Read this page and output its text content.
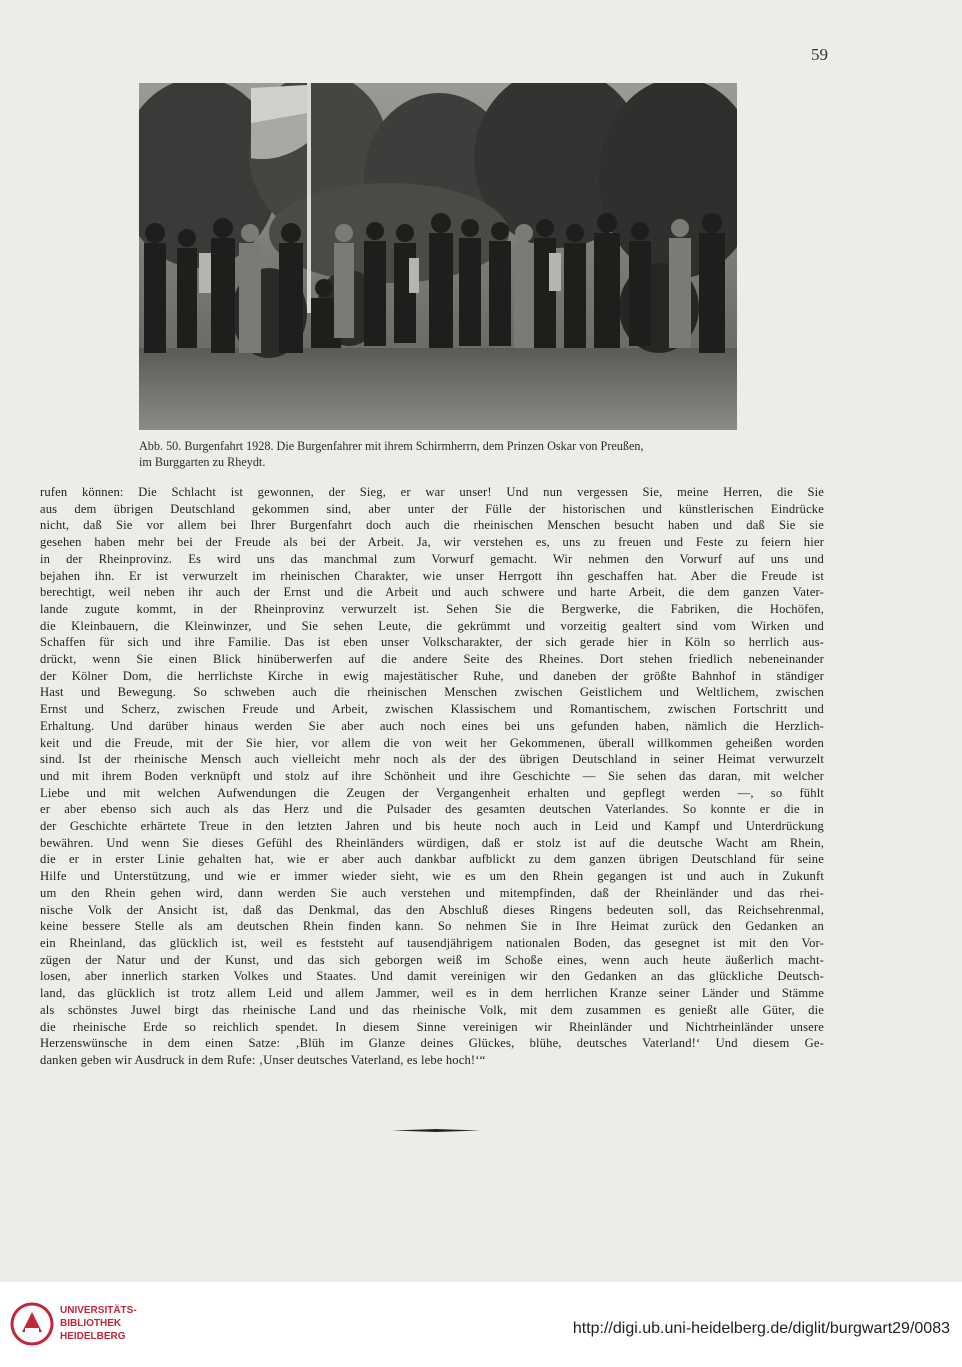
59
Abb. 50. Burgenfahrt 1928. Die Burgenfahrer mit ihrem Schirmherrn, dem Prinzen Oskar von Preußen,
im Burggarten zu Rheydt.
rufen können: Die Schlacht ist gewonnen, der Sieg, er war unser! Und nun vergessen Sie, meine Herren, die Sie
aus dem übrigen Deutschland gekommen sind, aber unter der Fülle der historischen und künstlerischen Eindrücke
nicht, daß Sie vor allem bei Ihrer Burgenfahrt doch auch die rheinischen Menschen besucht haben und daß Sie sie
gesehen haben mehr bei der Freude als bei der Arbeit. Ja, wir verstehen es, uns zu freuen und Feste zu feiern hier
in der Rheinprovinz. Es wird uns das manchmal zum Vorwurf gemacht. Wir nehmen den Vorwurf auf uns und
bejahen ihn. Er ist verwurzelt im rheinischen Charakter, wie unser Herrgott ihn geschaffen hat. Aber die Freude ist
berechtigt, weil neben ihr auch der Ernst und die Arbeit und auch schwere und harte Arbeit, die dem ganzen Vater-
lande zugute kommt, in der Rheinprovinz verwurzelt ist. Sehen Sie die Bergwerke, die Fabriken, die Hochöfen,
die Kleinbauern, die Kleinwinzer, und Sie sehen Leute, die gekrümmt und vorzeitig gealtert sind vom Wirken und
Schaffen für sich und ihre Familie. Das ist eben unser Volkscharakter, der sich gerade hier in Köln so herrlich aus-
drückt, wenn Sie einen Blick hinüberwerfen auf die andere Seite des Rheines. Dort stehen friedlich nebeneinander
der Kölner Dom, die herrlichste Kirche in ewig majestätischer Ruhe, und daneben der größte Bahnhof in ständiger
Hast und Bewegung. So schweben auch die rheinischen Menschen zwischen Geistlichem und Weltlichem, zwischen
Ernst und Scherz, zwischen Freude und Arbeit, zwischen Klassischem und Romantischem, zwischen Fortschritt und
Erhaltung. Und darüber hinaus werden Sie aber auch noch eines bei uns gefunden haben, nämlich die Herzlich-
keit und die Freude, mit der Sie hier, vor allem die von weit her Gekommenen, überall willkommen geheißen worden
sind. Ist der rheinische Mensch auch vielleicht mehr noch als der des übrigen Deutschland in seiner Heimat verwurzelt
und mit ihrem Boden verknüpft und stolz auf ihre Schönheit und ihre Geschichte — Sie sehen das daran, mit welcher
Liebe und mit welchen Aufwendungen die Zeugen der Vergangenheit erhalten und gepflegt werden —, so fühlt
er aber ebenso sich auch als das Herz und die Pulsader des gesamten deutschen Vaterlandes. So konnte er die in
der Geschichte erhärtete Treue in den letzten Jahren und bis heute noch auch in Leid und Kampf und Unterdrückung
bewähren. Und wenn Sie dieses Gefühl des Rheinländers würdigen, daß er stolz ist auf die deutsche Wacht am Rhein,
die er in erster Linie gehalten hat, wie er aber auch dankbar aufblickt zu dem ganzen übrigen Deutschland für seine
Hilfe und Unterstützung, und wie er immer wieder sieht, wie es um den Rhein gegangen ist und auch in Zukunft
um den Rhein gehen wird, dann werden Sie auch verstehen und mitempfinden, daß der Rheinländer und das rhei-
nische Volk der Ansicht ist, daß das Denkmal, das den Abschluß dieses Ringens bedeuten soll, das Reichsehrenmal,
keine bessere Stelle als am deutschen Rhein finden kann. So nehmen Sie in Ihre Heimat zurück den Gedanken an
ein Rheinland, das glücklich ist, weil es feststeht auf tausendjährigem nationalen Boden, das gesegnet ist mit den Vor-
zügen der Natur und der Kunst, und das sich geborgen weiß im Schoße eines, wenn auch heute äußerlich macht-
losen, aber innerlich starken Volkes und Staates. Und damit vereinigen wir den Gedanken an das glückliche Deutsch-
land, das glücklich ist trotz allem Leid und allem Jammer, weil es in dem herrlichen Kranze seiner Länder und Stämme
als schönstes Juwel birgt das rheinische Land und das rheinische Volk, mit dem zusammen es genießt alle Güter, die
die rheinische Erde so reichlich spendet. In diesem Sinne vereinigen wir Rheinländer und Nichtrheinländer unsere
Herzenswünsche in dem einen Satze: ‚Blüh im Glanze deines Glückes, blühe, deutsches Vaterland!‘ Und diesem Ge-
danken geben wir Ausdruck in dem Rufe: ‚Unser deutsches Vaterland, es lebe hoch!‘“
UNIVERSITÄTS-
BIBLIOTHEK
HEIDELBERG	http://digi.ub.uni-heidelberg.de/diglit/burgwart29/0083
